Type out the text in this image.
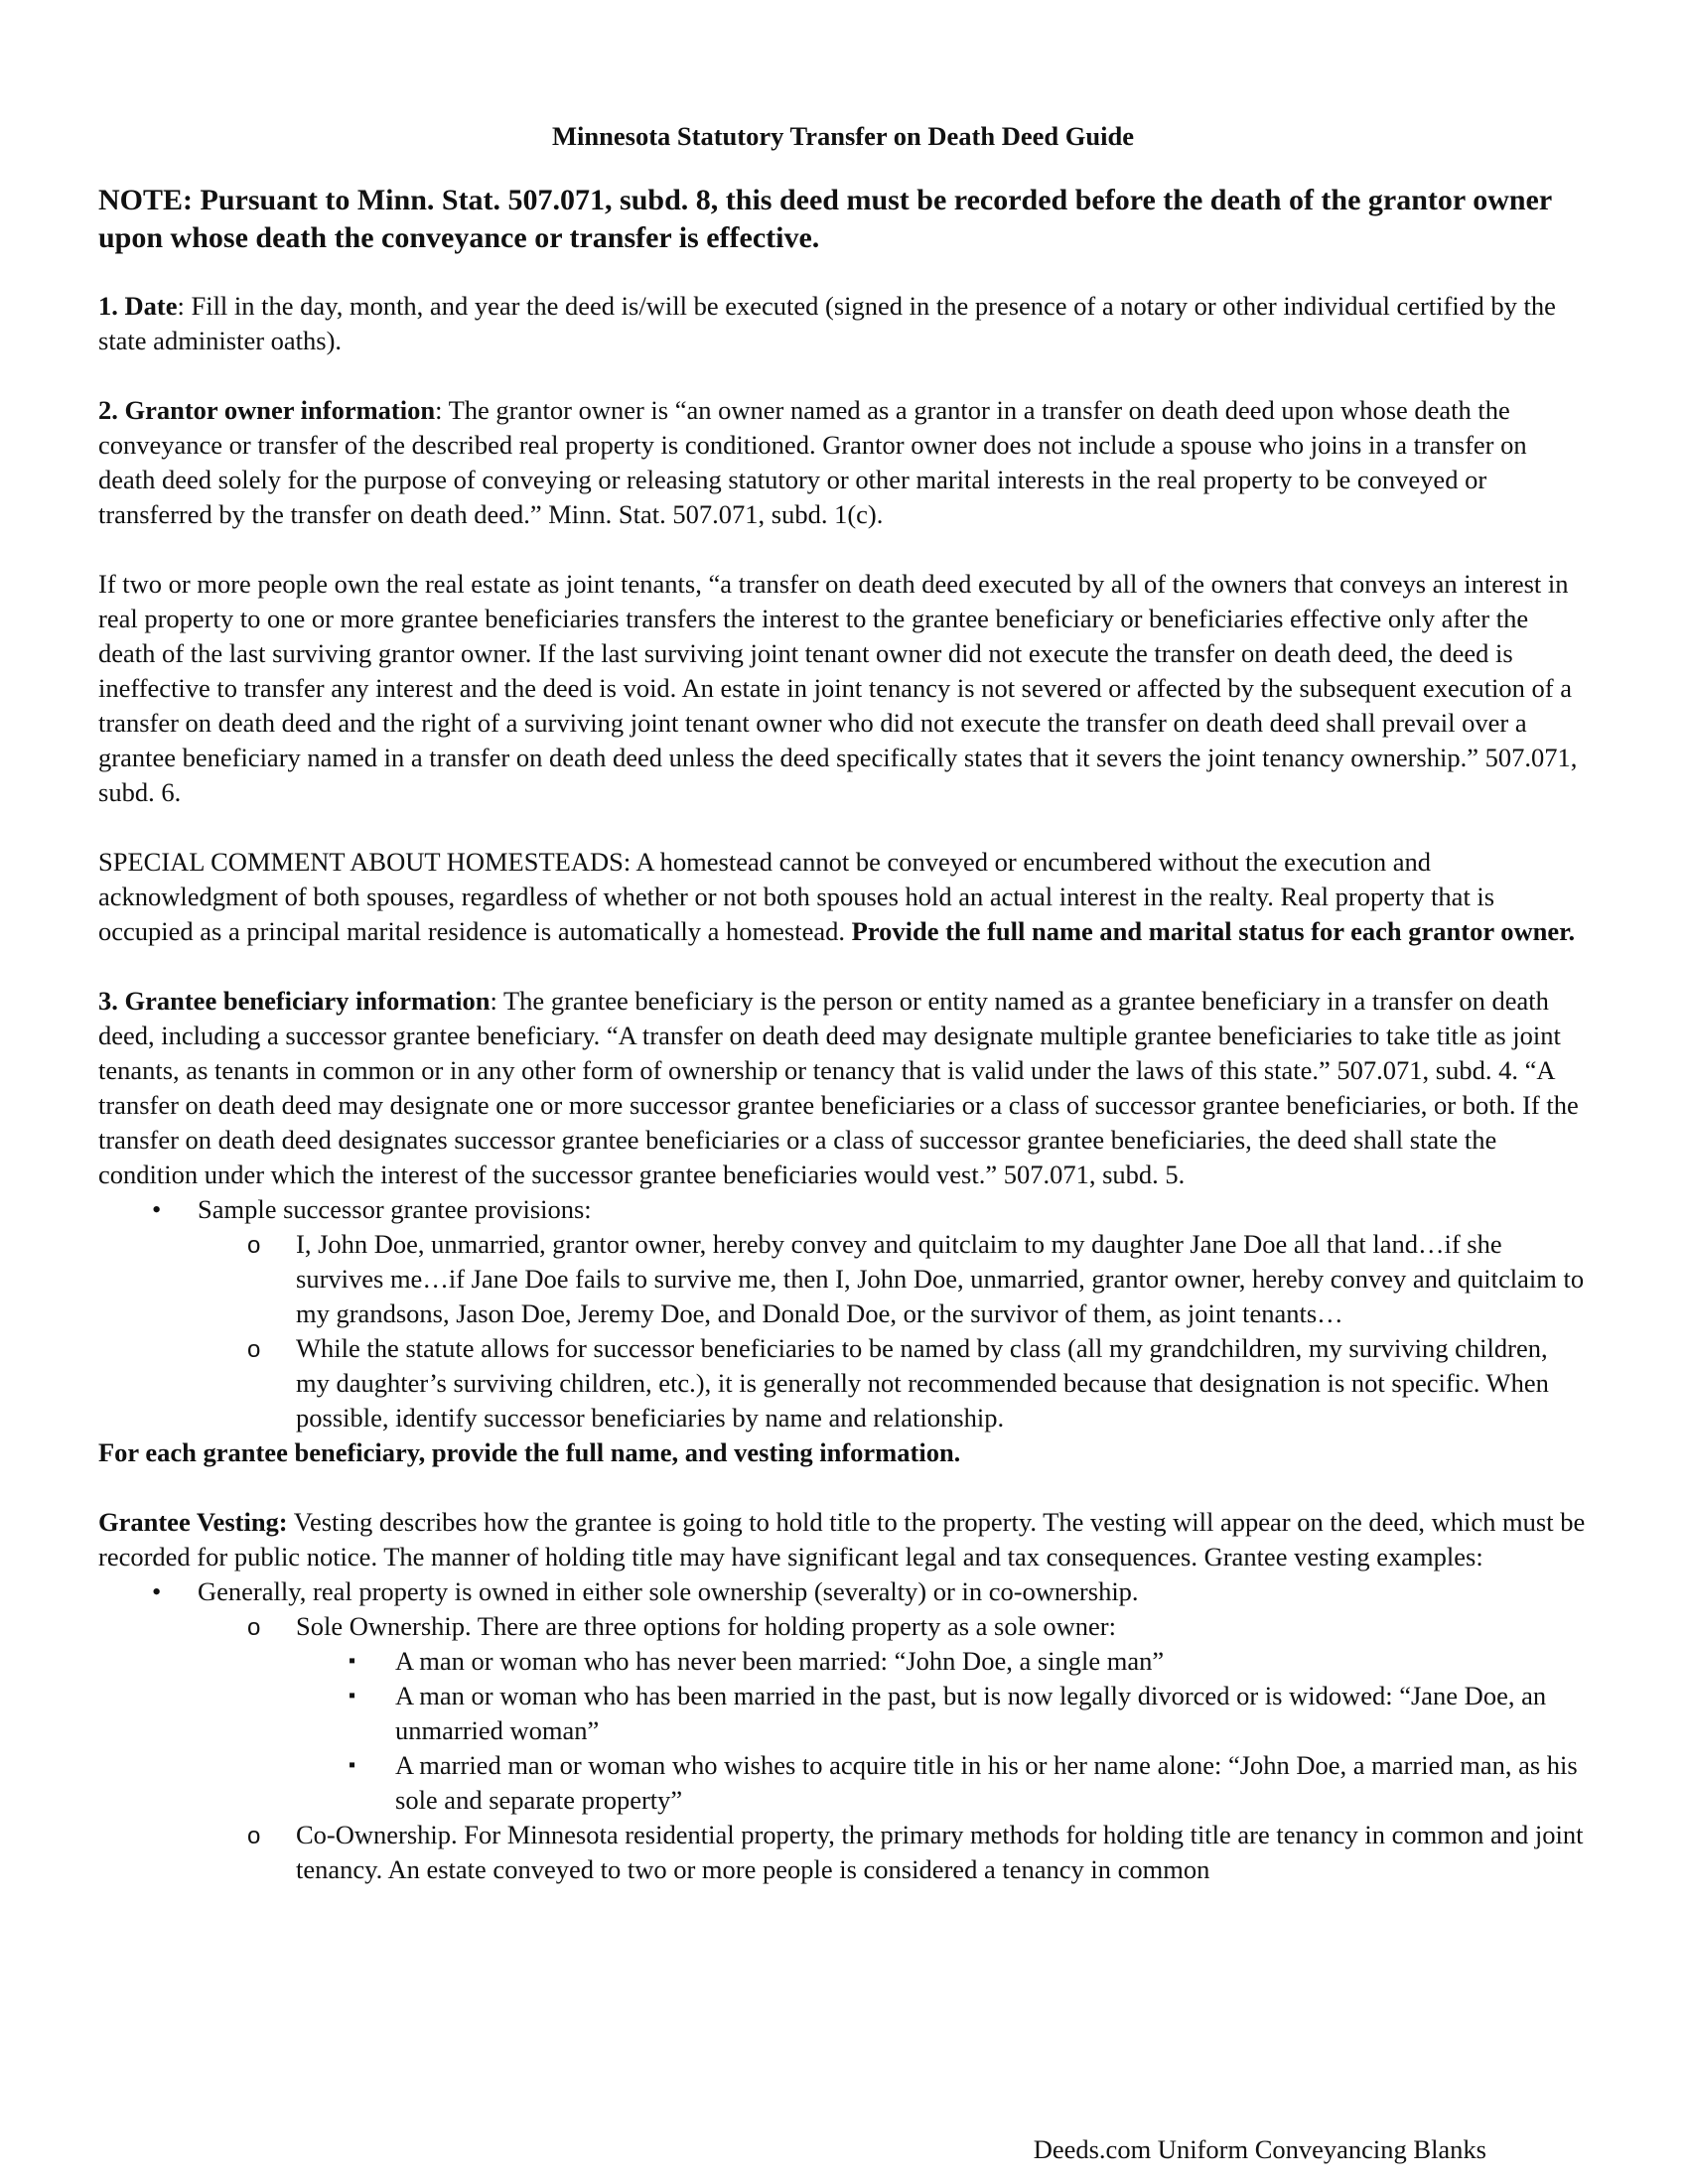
Minnesota Statutory Transfer on Death Deed Guide
NOTE: Pursuant to Minn. Stat. 507.071, subd. 8, this deed must be recorded before the death of the grantor owner upon whose death the conveyance or transfer is effective.

1. Date: Fill in the day, month, and year the deed is/will be executed (signed in the presence of a notary or other individual certified by the state administer oaths).

2. Grantor owner information: The grantor owner is “an owner named as a grantor in a transfer on death deed upon whose death the conveyance or transfer of the described real property is conditioned. Grantor owner does not include a spouse who joins in a transfer on death deed solely for the purpose of conveying or releasing statutory or other marital interests in the real property to be conveyed or transferred by the transfer on death deed.” Minn. Stat. 507.071, subd. 1(c).

If two or more people own the real estate as joint tenants, “a transfer on death deed executed by all of the owners that conveys an interest in real property to one or more grantee beneficiaries transfers the interest to the grantee beneficiary or beneficiaries effective only after the death of the last surviving grantor owner. If the last surviving joint tenant owner did not execute the transfer on death deed, the deed is ineffective to transfer any interest and the deed is void. An estate in joint tenancy is not severed or affected by the subsequent execution of a transfer on death deed and the right of a surviving joint tenant owner who did not execute the transfer on death deed shall prevail over a grantee beneficiary named in a transfer on death deed unless the deed specifically states that it severs the joint tenancy ownership.” 507.071, subd. 6.

SPECIAL COMMENT ABOUT HOMESTEADS: A homestead cannot be conveyed or encumbered without the execution and acknowledgment of both spouses, regardless of whether or not both spouses hold an actual interest in the realty. Real property that is occupied as a principal marital residence is automatically a homestead. Provide the full name and marital status for each grantor owner.

3. Grantee beneficiary information: The grantee beneficiary is the person or entity named as a grantee beneficiary in a transfer on death deed, including a successor grantee beneficiary. “A transfer on death deed may designate multiple grantee beneficiaries to take title as joint tenants, as tenants in common or in any other form of ownership or tenancy that is valid under the laws of this state.” 507.071, subd. 4. “A transfer on death deed may designate one or more successor grantee beneficiaries or a class of successor grantee beneficiaries, or both. If the transfer on death deed designates successor grantee beneficiaries or a class of successor grantee beneficiaries, the deed shall state the condition under which the interest of the successor grantee beneficiaries would vest.” 507.071, subd. 5.

• Sample successor grantee provisions:
o I, John Doe, unmarried, grantor owner, hereby convey and quitclaim to my daughter Jane Doe all that land…if she survives me…if Jane Doe fails to survive me, then I, John Doe, unmarried, grantor owner, hereby convey and quitclaim to my grandsons, Jason Doe, Jeremy Doe, and Donald Doe, or the survivor of them, as joint tenants…
o While the statute allows for successor beneficiaries to be named by class (all my grandchildren, my surviving children, my daughter’s surviving children, etc.), it is generally not recommended because that designation is not specific. When possible, identify successor beneficiaries by name and relationship.

For each grantee beneficiary, provide the full name, and vesting information.

Grantee Vesting: Vesting describes how the grantee is going to hold title to the property. The vesting will appear on the deed, which must be recorded for public notice. The manner of holding title may have significant legal and tax consequences. Grantee vesting examples:

• Generally, real property is owned in either sole ownership (severalty) or in co-ownership.
o Sole Ownership. There are three options for holding property as a sole owner:
▪ A man or woman who has never been married: “John Doe, a single man”
▪ A man or woman who has been married in the past, but is now legally divorced or is widowed: “Jane Doe, an unmarried woman”
▪ A married man or woman who wishes to acquire title in his or her name alone: “John Doe, a married man, as his sole and separate property”
o Co-Ownership. For Minnesota residential property, the primary methods for holding title are tenancy in common and joint tenancy. An estate conveyed to two or more people is considered a tenancy in common
Deeds.com Uniform Conveyancing Blanks
